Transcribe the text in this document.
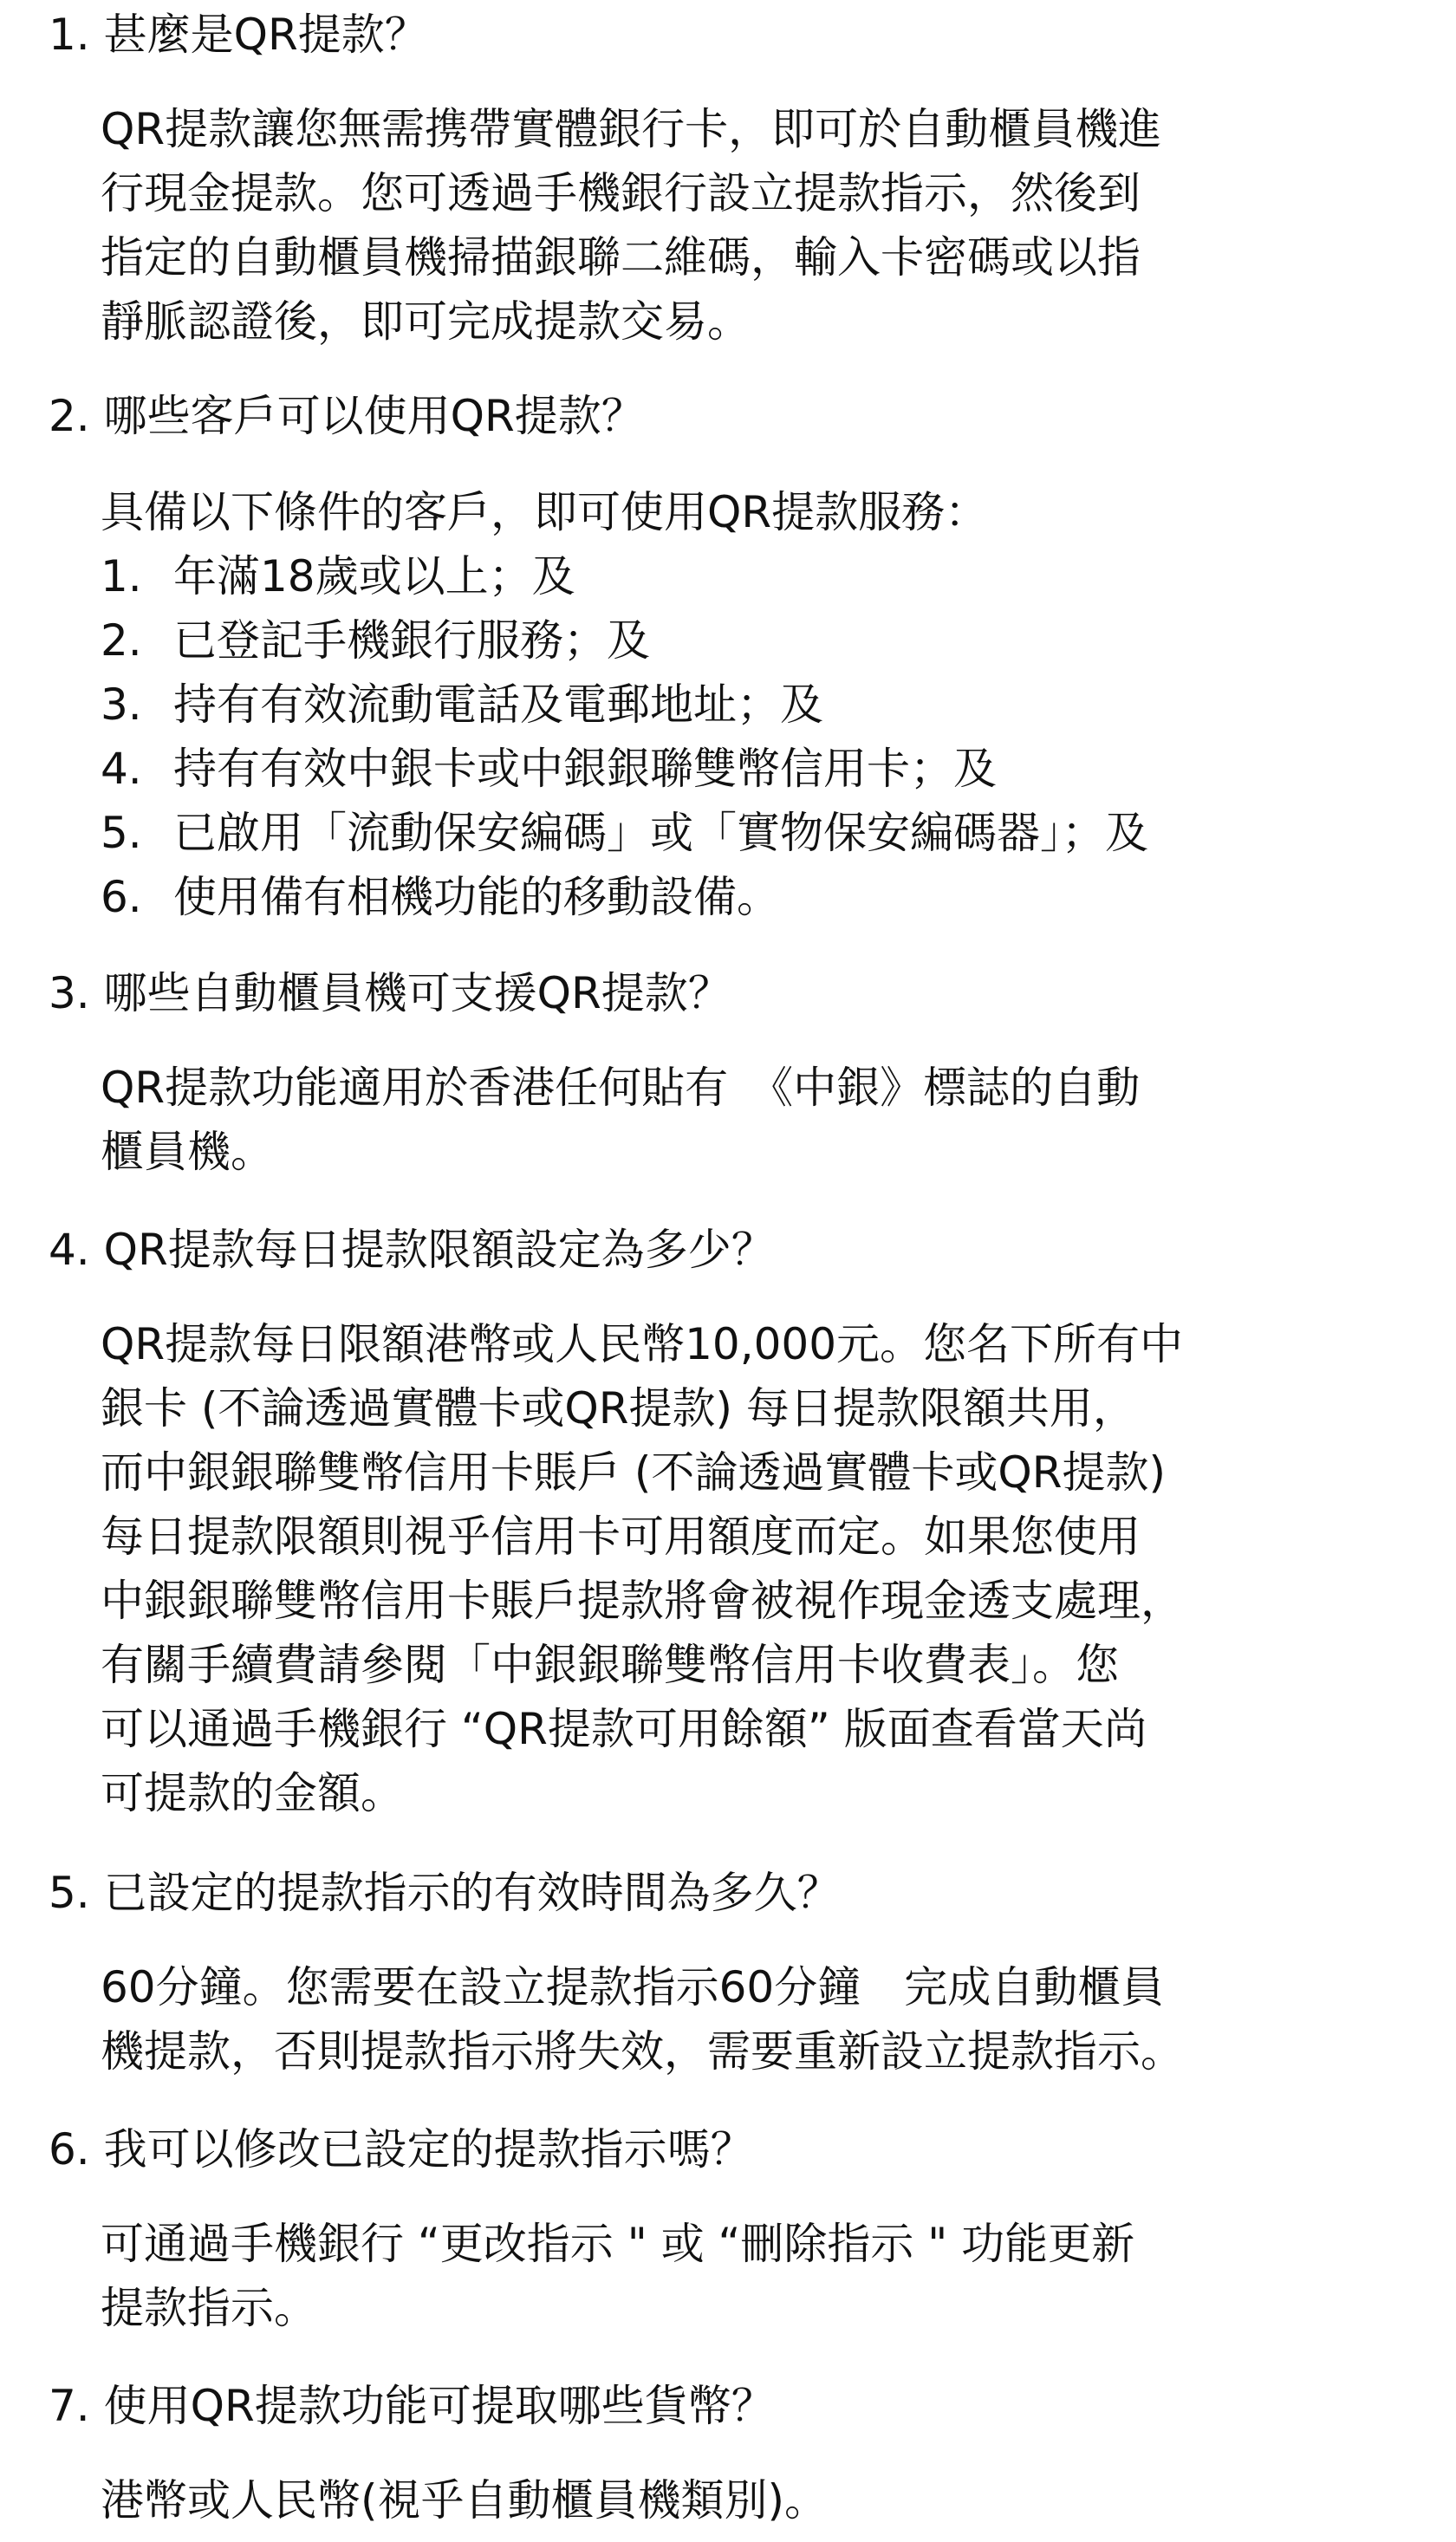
1. 甚麼是QR提款？

QR提款讓您無需携帶實體銀行卡，即可於自動櫃員機進

行現金提款。您可透過手機銀行設立提款指示，然後到

指定的自動櫃員機掃描銀聯二維碼，輸入卡密碼或以指

靜脈認證後，即可完成提款交易。

2. 哪些客戶可以使用QR提款？

具備以下條件的客戶，即可使用QR提款服務：

1. 年滿18歲或以上；及
2. 已登記手機銀行服務；及
3. 持有有效流動電話及電郵地址；及
4. 持有有效中銀卡或中銀銀聯雙幣信用卡；及
5. 已啟用「流動保安編碼」或「實物保安編碼器」；及
6. 使用備有相機功能的移動設備。
3. 哪些自動櫃員機可支援QR提款？

QR提款功能適用於香港任何貼有　《中銀》標誌的自動

櫃員機。

4. QR提款每日提款限額設定為多少？

QR提款每日限額港幣或人民幣10,000元。您名下所有中

銀卡 (不論透過實體卡或QR提款) 每日提款限額共用，

而中銀銀聯雙幣信用卡賬戶 (不論透過實體卡或QR提款)

每日提款限額則視乎信用卡可用額度而定。如果您使用

中銀銀聯雙幣信用卡賬戶提款將會被視作現金透支處理，

有關手續費請參閱「中銀銀聯雙幣信用卡收費表」。您

可以通過手機銀行 “QR提款可用餘額” 版面查看當天尚

可提款的金額。

5. 已設定的提款指示的有效時間為多久？

60分鐘。您需要在設立提款指示60分鐘　完成自動櫃員

機提款，否則提款指示將失效，需要重新設立提款指示。

6. 我可以修改已設定的提款指示嗎？

可通過手機銀行 “更改指示 " 或 “刪除指示 " 功能更新

提款指示。

7. 使用QR提款功能可提取哪些貨幣？

港幣或人民幣(視乎自動櫃員機類別)。
